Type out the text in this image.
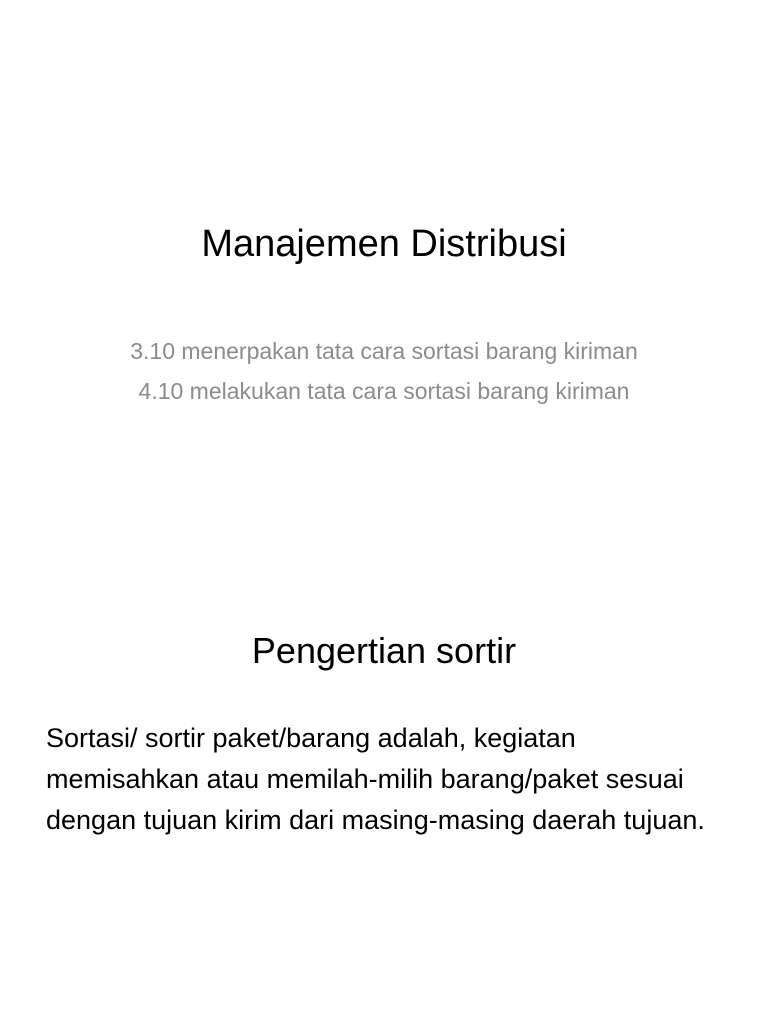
Manajemen Distribusi

3.10 menerpakan tata cara sortasi barang kiriman

4.10 melakukan tata cara sortasi barang kiriman

Pengertian sortir
Sortasi/ sortir paket/barang adalah, kegiatan memisahkan atau memilah-milih barang/paket sesuai dengan tujuan kirim dari masing-masing daerah tujuan.
